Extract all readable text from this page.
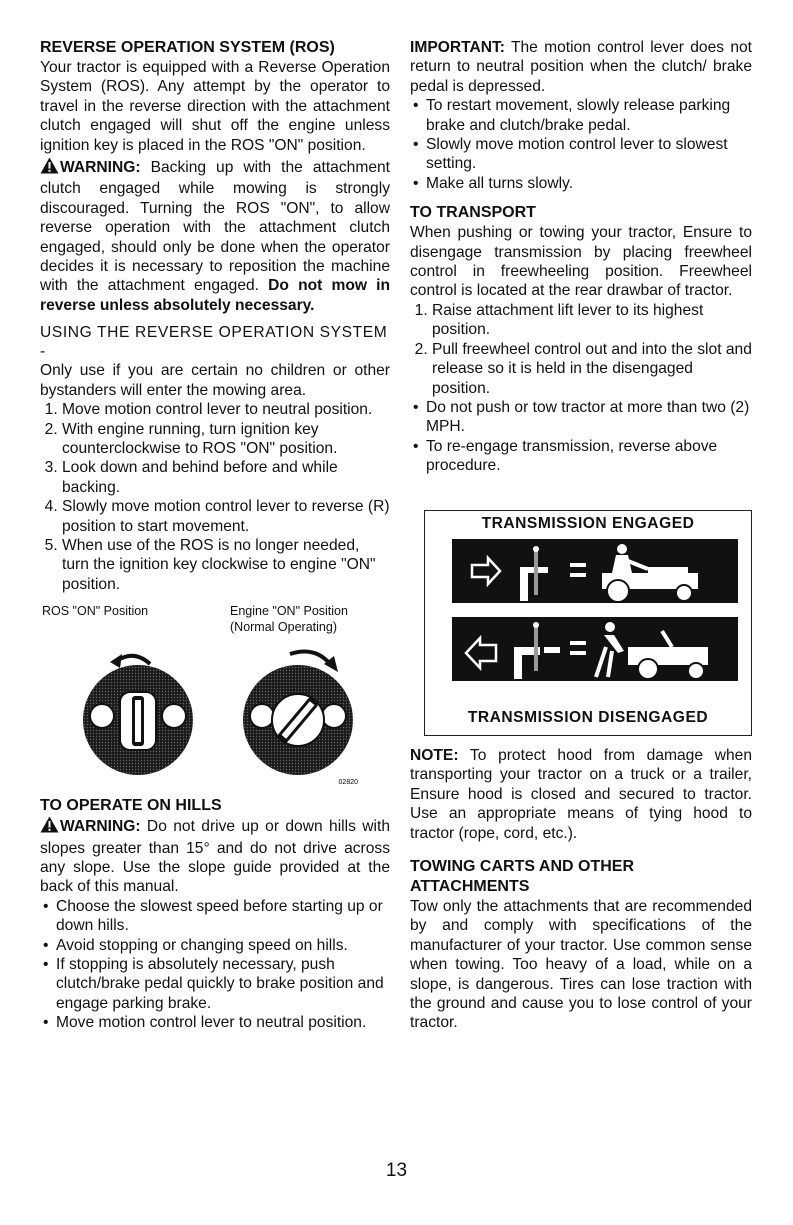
REVERSE OPERATION SYSTEM (ROS)

Your tractor is equipped with a Reverse Operation System (ROS). Any attempt by the operator to travel in the reverse direction with the attachment clutch engaged will shut off the engine unless ignition key is placed in the ROS "ON" position.

WARNING: Backing up with the attachment clutch engaged while mowing is strongly discouraged. Turning the ROS "ON", to allow reverse operation with the attachment clutch engaged, should only be done when the operator decides it is necessary to reposition the machine with the attachment engaged. Do not mow in reverse unless absolutely necessary.

USING THE REVERSE OPERATION SYSTEM -

Only use if you are certain no children or other bystanders will enter the mowing area.

1. Move motion control lever to neutral position.
2. With engine running, turn ignition key counterclockwise to ROS "ON" position.
3. Look down and behind before and while backing.
4. Slowly move motion control lever to reverse (R) position to start movement.
5. When use of the ROS is no longer needed, turn the ignition key clockwise to engine "ON" position.
ROS "ON" Position	Engine "ON" Position
(Normal Operating)
02820
TO OPERATE ON HILLS

WARNING: Do not drive up or down hills with slopes greater than 15° and do not drive across any slope. Use the slope guide provided at the back of this manual.

• Choose the slowest speed before starting up or down hills.
• Avoid stopping or changing speed on hills.
• If stopping is absolutely necessary, push clutch/brake pedal quickly to brake position and engage parking brake.
• Move motion control lever to neutral position.

IMPORTANT: The motion control lever does not return to neutral position when the clutch/ brake pedal is depressed.

• To restart movement, slowly release parking brake and clutch/brake pedal.
• Slowly move motion control lever to slowest setting.
• Make all turns slowly.
TO TRANSPORT

When pushing or towing your tractor, Ensure to disengage transmission by placing freewheel control in freewheeling position. Freewheel control is located at the rear drawbar of tractor.

1. Raise attachment lift lever to its highest position.
2. Pull freewheel control out and into the slot and release so it is held in the disengaged position.
• Do not push or tow tractor at more than two (2) MPH.
• To re-engage transmission, reverse above procedure.
TRANSMISSION ENGAGED
TRANSMISSION DISENGAGED

NOTE: To protect hood from damage when transporting your tractor on a truck or a trailer, Ensure hood is closed and secured to tractor. Use an appropriate means of tying hood to tractor (rope, cord, etc.).

TOWING CARTS AND OTHER ATTACHMENTS

Tow only the attachments that are recommended by and comply with specifications of the manufacturer of your tractor. Use common sense when towing. Too heavy of a load, while on a slope, is dangerous. Tires can lose traction with the ground and cause you to lose control of your tractor.

13
